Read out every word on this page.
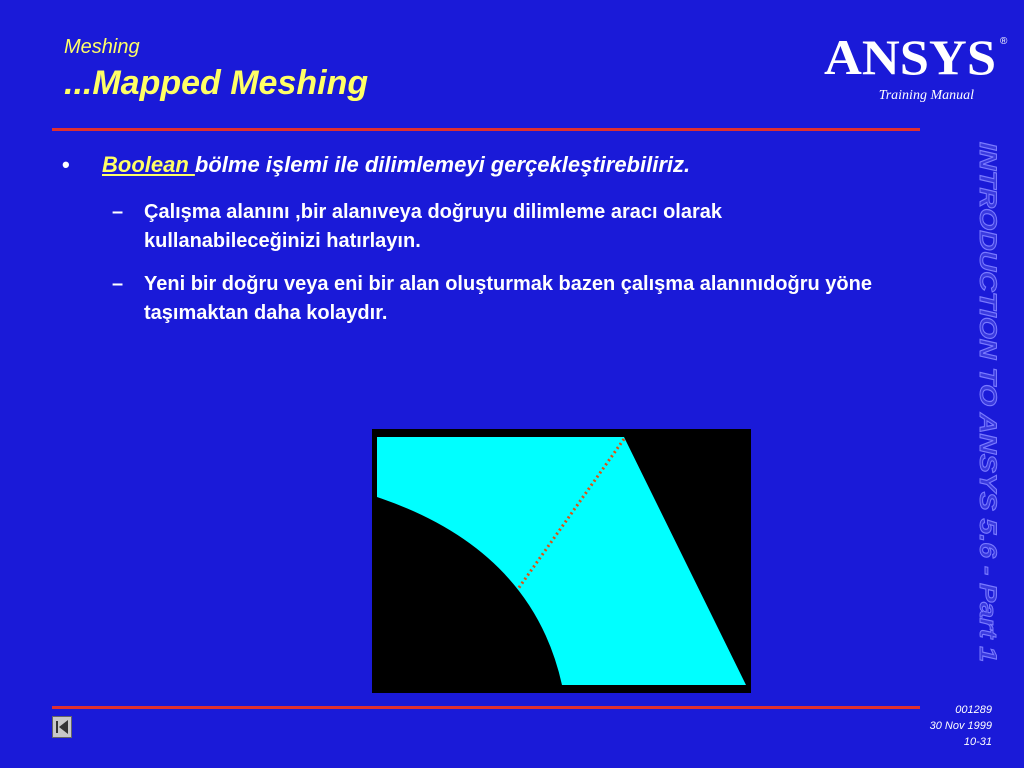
Meshing
...Mapped Meshing	ANSYS ®
Training Manual
• Boolean bölme işlemi ile dilimlemeyi gerçekleştirebiliriz.
– Çalışma alanını ,bir alanıveya doğruyu dilimleme aracı olarak kullanabileceğinizi hatırlayın.
– Yeni bir doğru veya eni bir alan oluşturmak bazen çalışma alanınıdoğru yöne taşımaktan daha kolaydır.	INTRODUCTION TO ANSYS 5.6 - Part 1
001289
30 Nov 1999
10-31
